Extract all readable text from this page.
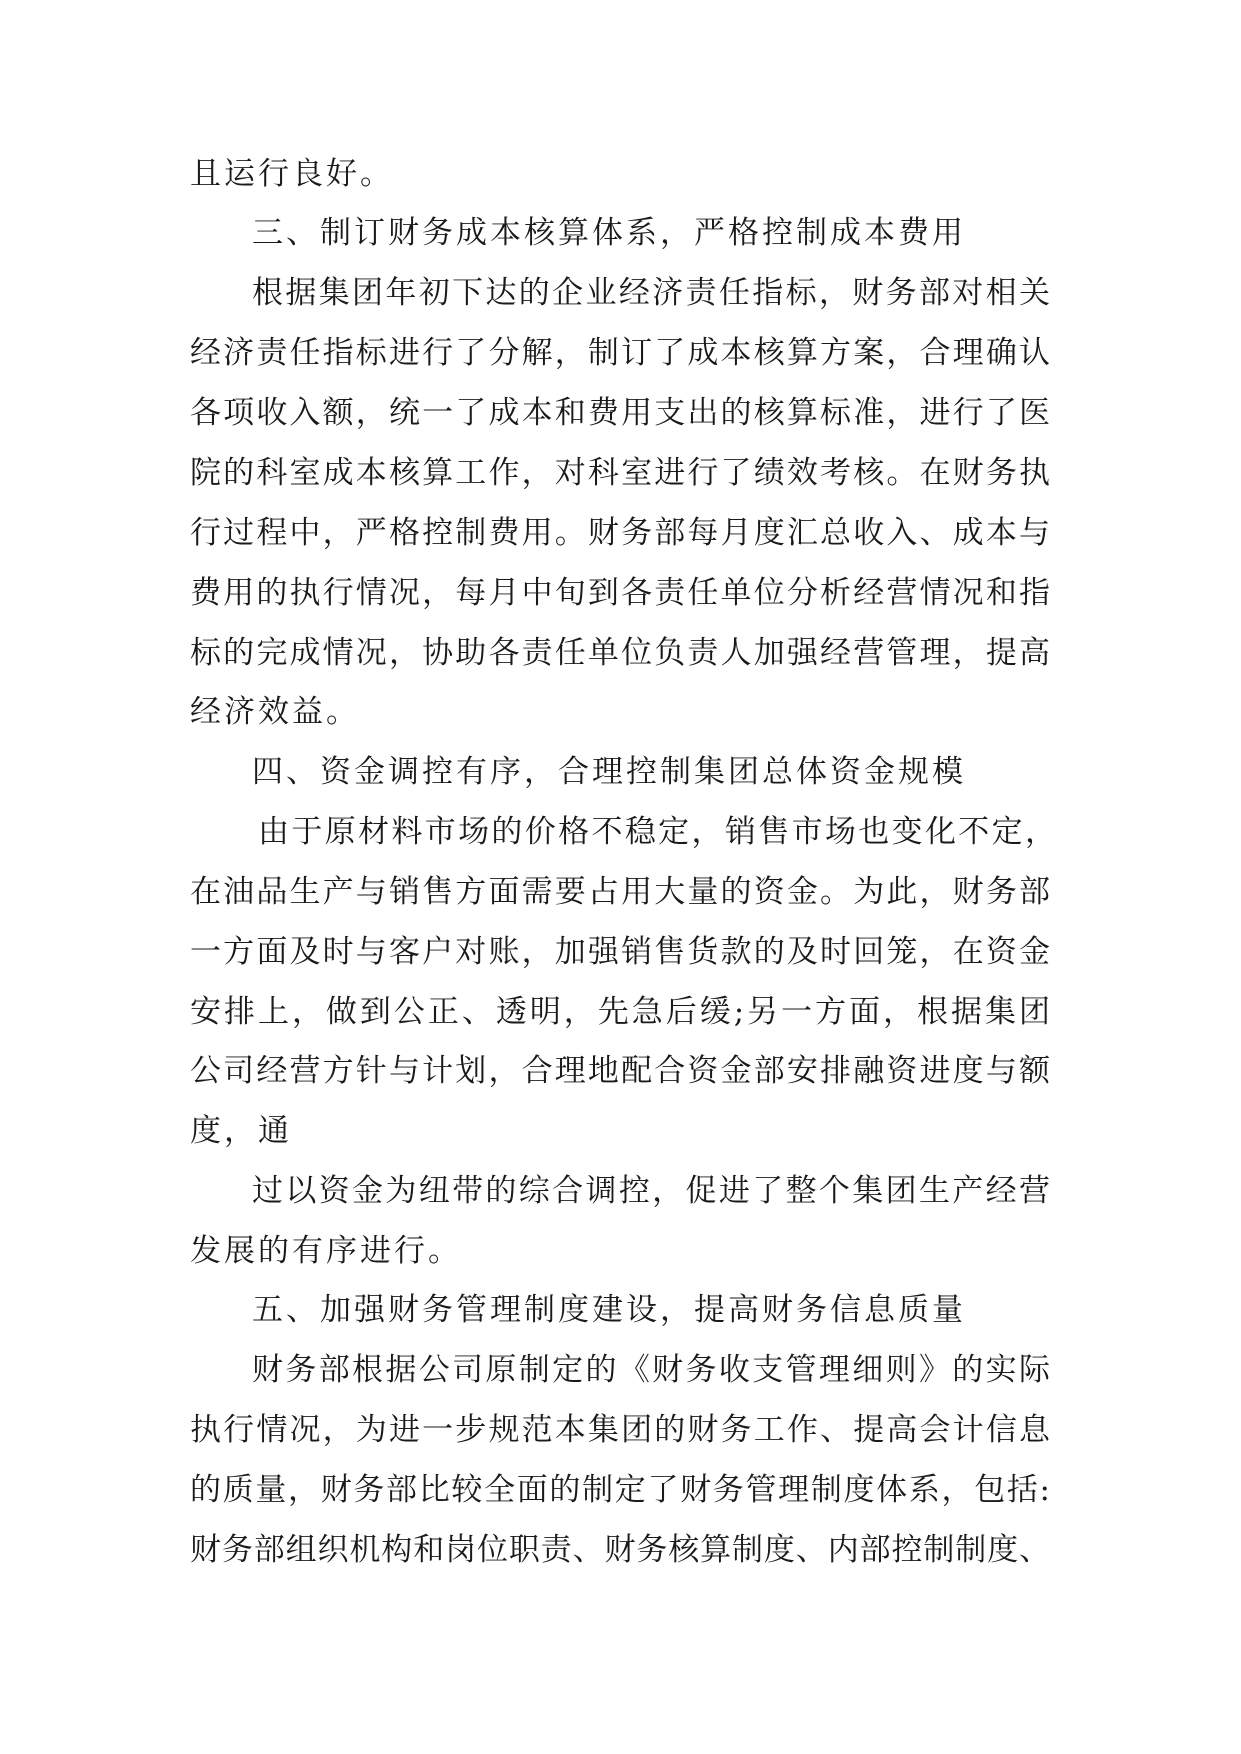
且运行良好。

三、制订财务成本核算体系，严格控制成本费用

根据集团年初下达的企业经济责任指标，财务部对相关

经济责任指标进行了分解，制订了成本核算方案，合理确认

各项收入额，统一了成本和费用支出的核算标准，进行了医

院的科室成本核算工作，对科室进行了绩效考核。在财务执

行过程中，严格控制费用。财务部每月度汇总收入、成本与

费用的执行情况，每月中旬到各责任单位分析经营情况和指

标的完成情况，协助各责任单位负责人加强经营管理，提高

经济效益。

四、资金调控有序，合理控制集团总体资金规模

由于原材料市场的价格不稳定，销售市场也变化不定，

在油品生产与销售方面需要占用大量的资金。为此，财务部

一方面及时与客户对账，加强销售货款的及时回笼，在资金

安排上，做到公正、透明，先急后缓;另一方面，根据集团

公司经营方针与计划，合理地配合资金部安排融资进度与额

度，通

过以资金为纽带的综合调控，促进了整个集团生产经营

发展的有序进行。

五、加强财务管理制度建设，提高财务信息质量

财务部根据公司原制定的《财务收支管理细则》的实际

执行情况，为进一步规范本集团的财务工作、提高会计信息

的质量，财务部比较全面的制定了财务管理制度体系，包括:

财务部组织机构和岗位职责、财务核算制度、内部控制制度、
